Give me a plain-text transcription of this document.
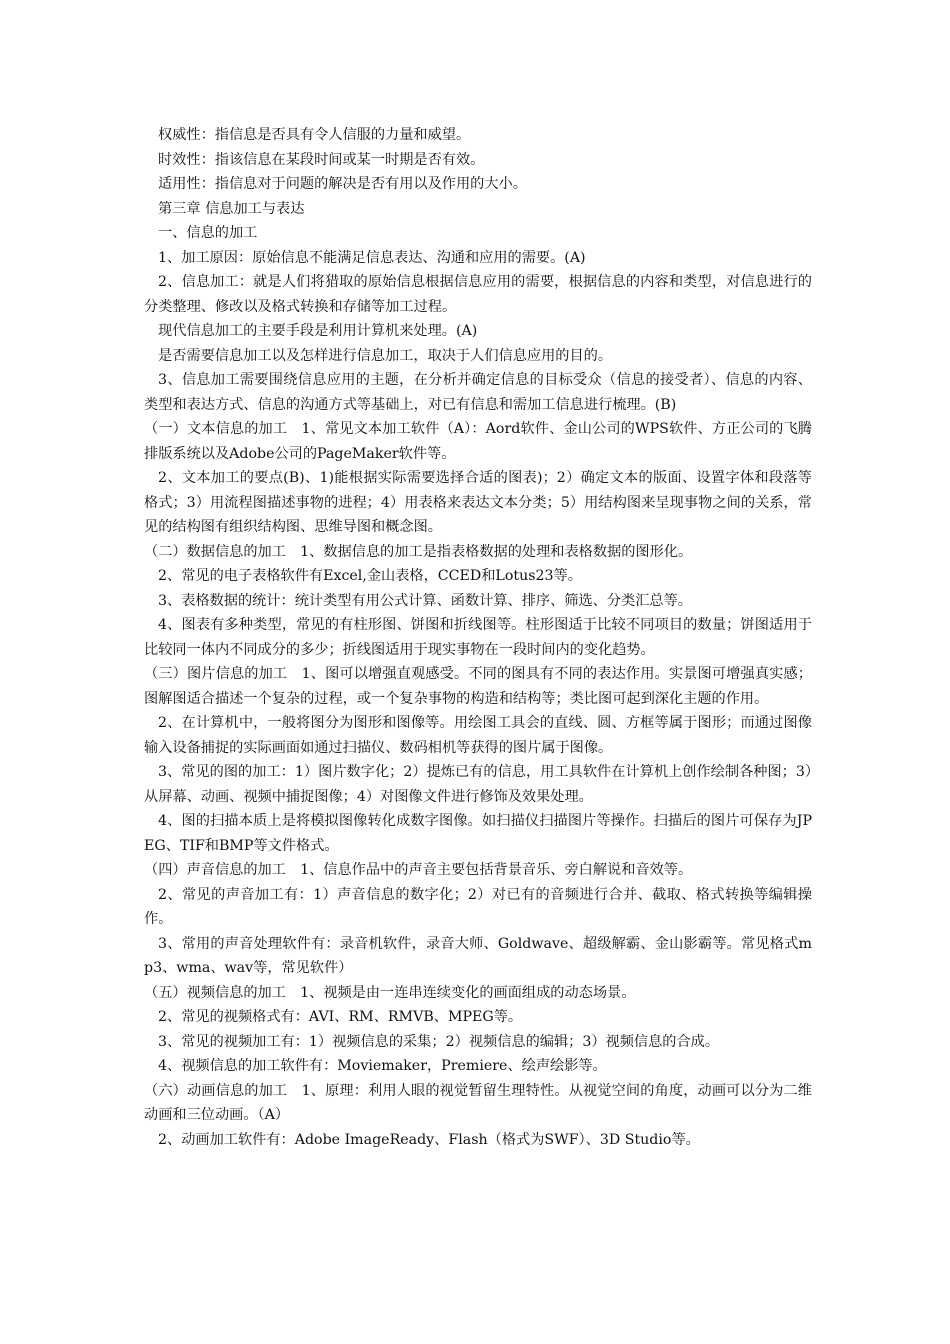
权威性：指信息是否具有令人信服的力量和威望。

时效性：指该信息在某段时间或某一时期是否有效。

适用性：指信息对于问题的解决是否有用以及作用的大小。

第三章 信息加工与表达

一、信息的加工

1、加工原因：原始信息不能满足信息表达、沟通和应用的需要。(A)

2、信息加工：就是人们将猎取的原始信息根据信息应用的需要，根据信息的内容和类型，对信息进行的分类整理、修改以及格式转换和存储等加工过程。

现代信息加工的主要手段是利用计算机来处理。(A)

是否需要信息加工以及怎样进行信息加工，取决于人们信息应用的目的。

3、信息加工需要围绕信息应用的主题，在分析并确定信息的目标受众（信息的接受者）、信息的内容、类型和表达方式、信息的沟通方式等基础上，对已有信息和需加工信息进行梳理。(B)

（一）文本信息的加工　1、常见文本加工软件（A）：Aord软件、金山公司的WPS软件、方正公司的飞腾排版系统以及Adobe公司的PageMaker软件等。

2、文本加工的要点(B)、1)能根据实际需要选择合适的图表)；2）确定文本的版面、设置字体和段落等格式；3）用流程图描述事物的进程；4）用表格来表达文本分类；5）用结构图来呈现事物之间的关系，常见的结构图有组织结构图、思维导图和概念图。

（二）数据信息的加工　1、数据信息的加工是指表格数据的处理和表格数据的图形化。

2、常见的电子表格软件有Excel,金山表格，CCED和Lotus23等。

3、表格数据的统计：统计类型有用公式计算、函数计算、排序、筛选、分类汇总等。

4、图表有多种类型，常见的有柱形图、饼图和折线图等。柱形图适于比较不同项目的数量；饼图适用于比较同一体内不同成分的多少；折线图适用于现实事物在一段时间内的变化趋势。

（三）图片信息的加工　1、图可以增强直观感受。不同的图具有不同的表达作用。实景图可增强真实感；图解图适合描述一个复杂的过程，或一个复杂事物的构造和结构等；类比图可起到深化主题的作用。

2、在计算机中，一般将图分为图形和图像等。用绘图工具会的直线、圆、方框等属于图形；而通过图像输入设备捕捉的实际画面如通过扫描仪、数码相机等获得的图片属于图像。

3、常见的图的加工：1）图片数字化；2）提炼已有的信息，用工具软件在计算机上创作绘制各种图；3）从屏幕、动画、视频中捕捉图像；4）对图像文件进行修饰及效果处理。

4、图的扫描本质上是将模拟图像转化成数字图像。如扫描仪扫描图片等操作。扫描后的图片可保存为JPEG、TIF和BMP等文件格式。

（四）声音信息的加工　1、信息作品中的声音主要包括背景音乐、旁白解说和音效等。

2、常见的声音加工有：1）声音信息的数字化；2）对已有的音频进行合并、截取、格式转换等编辑操作。

3、常用的声音处理软件有：录音机软件，录音大师、Goldwave、超级解霸、金山影霸等。常见格式mp3、wma、wav等，常见软件）

（五）视频信息的加工　1、视频是由一连串连续变化的画面组成的动态场景。

2、常见的视频格式有：AVI、RM、RMVB、MPEG等。

3、常见的视频加工有：1）视频信息的采集；2）视频信息的编辑；3）视频信息的合成。

4、视频信息的加工软件有：Moviemaker，Premiere、绘声绘影等。

（六）动画信息的加工　1、原理：利用人眼的视觉暂留生理特性。从视觉空间的角度，动画可以分为二维动画和三位动画。（A）

2、动画加工软件有：Adobe ImageReady、Flash（格式为SWF）、3D Studio等。
